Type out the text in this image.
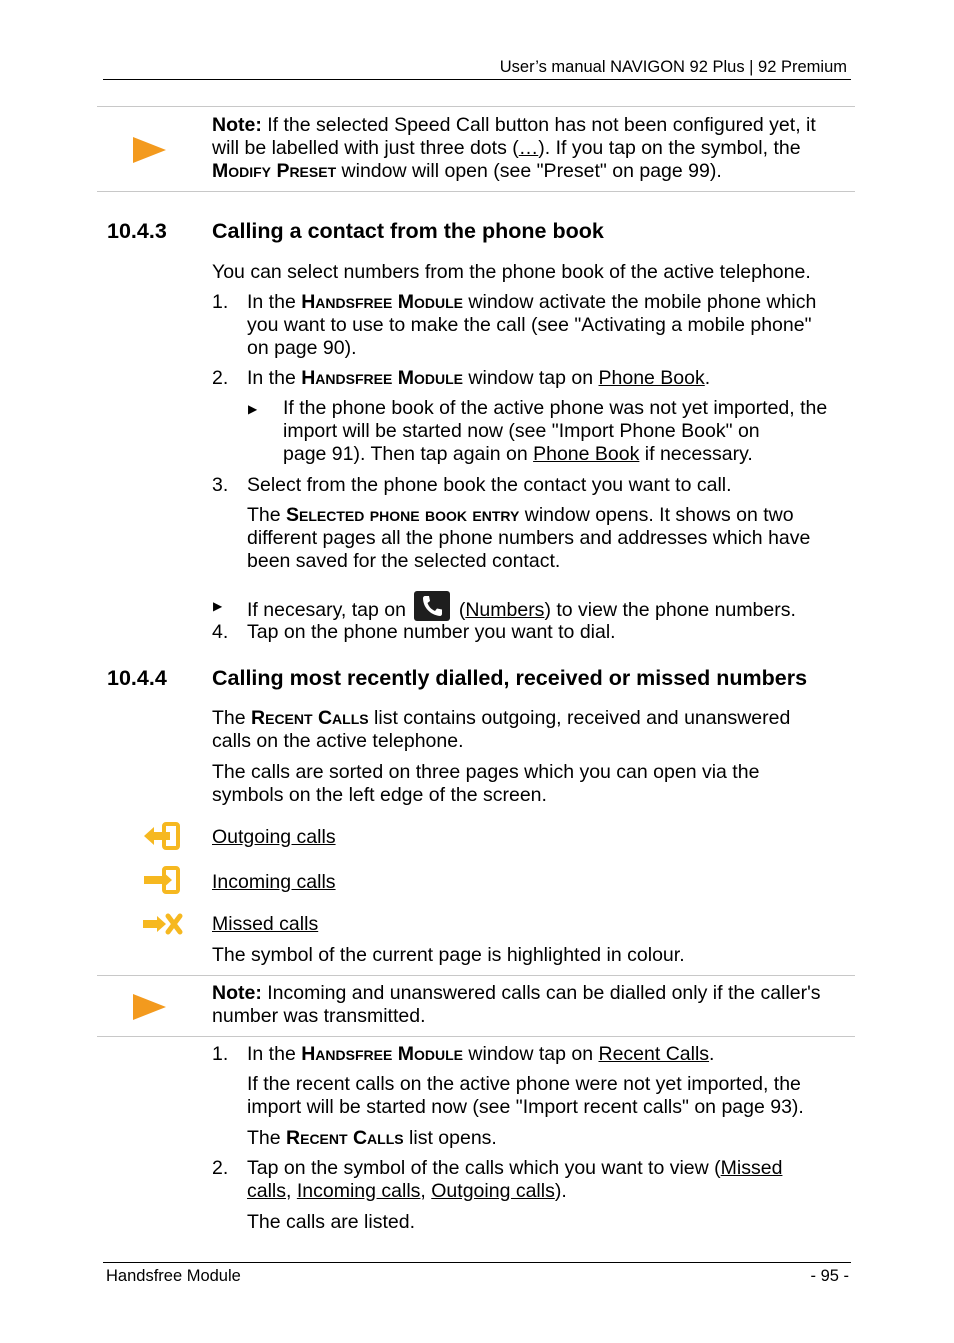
User’s manual NAVIGON 92 Plus | 92 Premium
Note: If the selected Speed Call button has not been configured yet, it
will be labelled with just three dots (…). If you tap on the symbol, the
Modify Preset window will open (see "Preset" on page 99).
10.4.3 Calling a contact from the phone book
You can select numbers from the phone book of the active telephone.
1. In the Handsfree Module window activate the mobile phone which
you want to use to make the call (see "Activating a mobile phone"
on page 90).
2. In the Handsfree Module window tap on Phone Book.
▶ If the phone book of the active phone was not yet imported, the
import will be started now (see "Import Phone Book" on
page 91). Then tap again on Phone Book if necessary.
3. Select from the phone book the contact you want to call.
The Selected phone book entry window opens. It shows on two
different pages all the phone numbers and addresses which have
been saved for the selected contact.
▶ If necesary, tap on
(Numbers) to view the phone numbers.
4. Tap on the phone number you want to dial.
10.4.4 Calling most recently dialled, received or missed numbers
The Recent Calls list contains outgoing, received and unanswered
calls on the active telephone.
The calls are sorted on three pages which you can open via the
symbols on the left edge of the screen.
Outgoing calls
Incoming calls
Missed calls
The symbol of the current page is highlighted in colour.
Note: Incoming and unanswered calls can be dialled only if the caller's
number was transmitted.
1. In the Handsfree Module window tap on Recent Calls.
If the recent calls on the active phone were not yet imported, the
import will be started now (see "Import recent calls" on page 93).
The Recent Calls list opens.
2. Tap on the symbol of the calls which you want to view (Missed
calls, Incoming calls, Outgoing calls).
The calls are listed.
Handsfree Module	- 95 -
